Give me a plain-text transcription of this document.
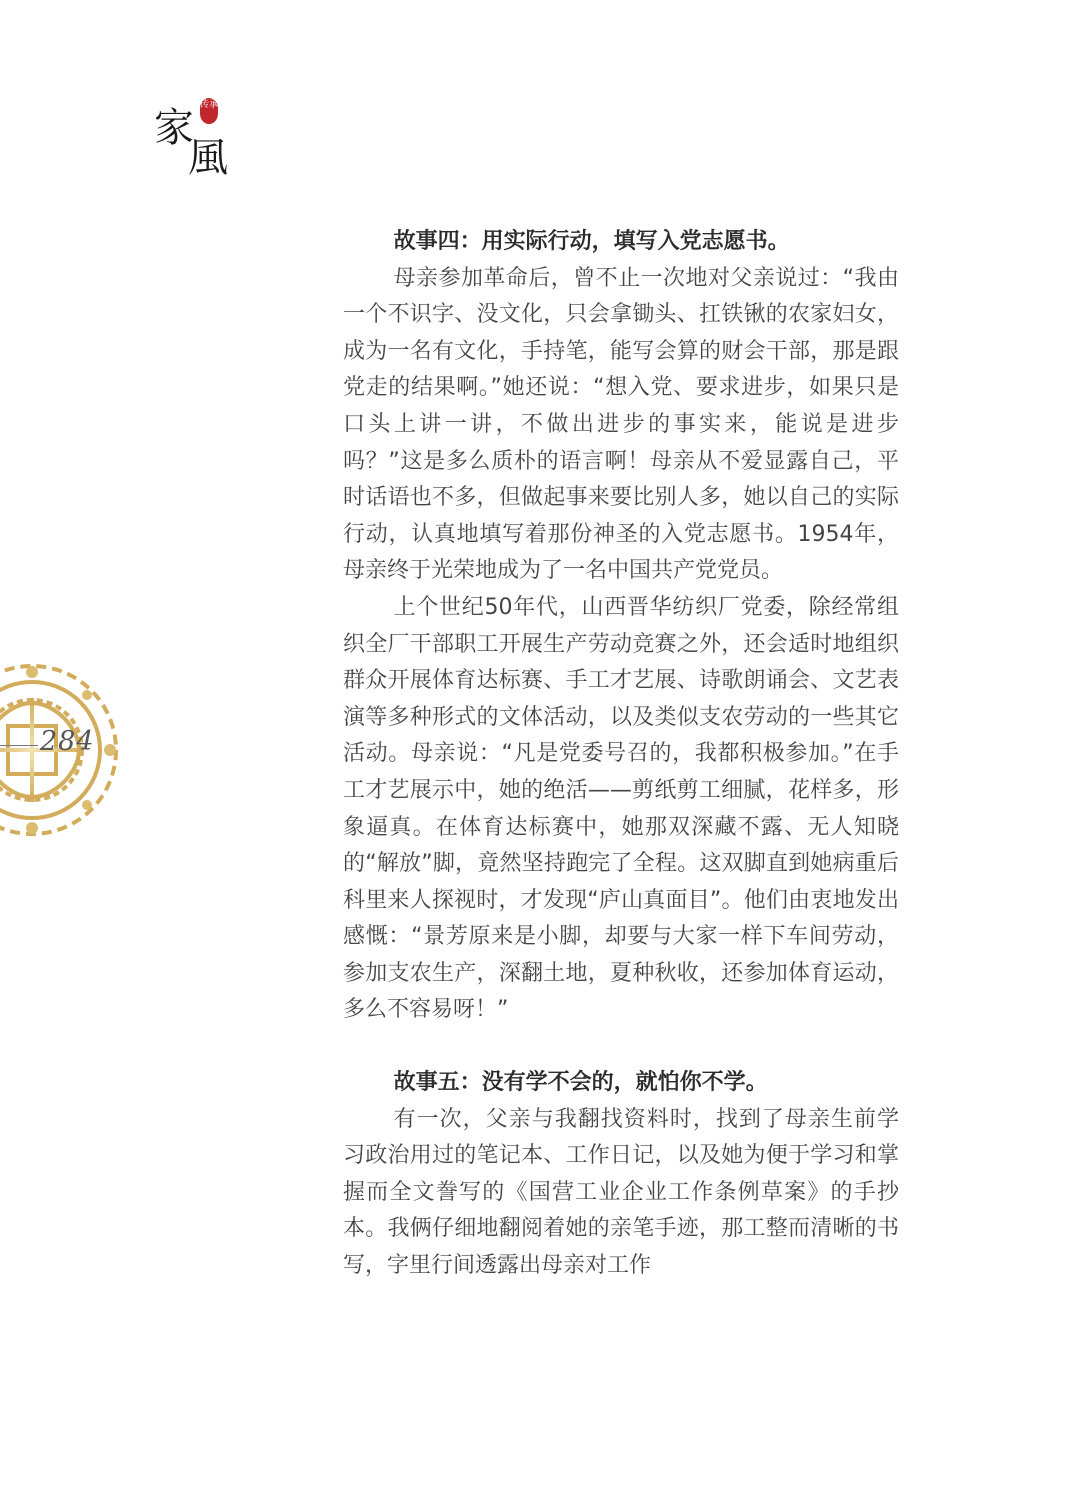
家
風
传承
284

故事四：用实际行动，填写入党志愿书。

母亲参加革命后，曾不止一次地对父亲说过：“我由一个不识字、没文化，只会拿锄头、扛铁锹的农家妇女，成为一名有文化，手持笔，能写会算的财会干部，那是跟党走的结果啊。”她还说：“想入党、要求进步，如果只是口头上讲一讲，不做出进步的事实来，能说是进步吗？”这是多么质朴的语言啊！母亲从不爱显露自己，平时话语也不多，但做起事来要比别人多，她以自己的实际行动，认真地填写着那份神圣的入党志愿书。1954年，母亲终于光荣地成为了一名中国共产党党员。

上个世纪50年代，山西晋华纺织厂党委，除经常组织全厂干部职工开展生产劳动竞赛之外，还会适时地组织群众开展体育达标赛、手工才艺展、诗歌朗诵会、文艺表演等多种形式的文体活动，以及类似支农劳动的一些其它活动。母亲说：“凡是党委号召的，我都积极参加。”在手工才艺展示中，她的绝活——剪纸剪工细腻，花样多，形象逼真。在体育达标赛中，她那双深藏不露、无人知晓的“解放”脚，竟然坚持跑完了全程。这双脚直到她病重后科里来人探视时，才发现“庐山真面目”。他们由衷地发出感慨：“景芳原来是小脚，却要与大家一样下车间劳动，参加支农生产，深翻土地，夏种秋收，还参加体育运动，多么不容易呀！”

故事五：没有学不会的，就怕你不学。

有一次，父亲与我翻找资料时，找到了母亲生前学习政治用过的笔记本、工作日记，以及她为便于学习和掌握而全文誊写的《国营工业企业工作条例草案》的手抄本。我俩仔细地翻阅着她的亲笔手迹，那工整而清晰的书写，字里行间透露出母亲对工作
